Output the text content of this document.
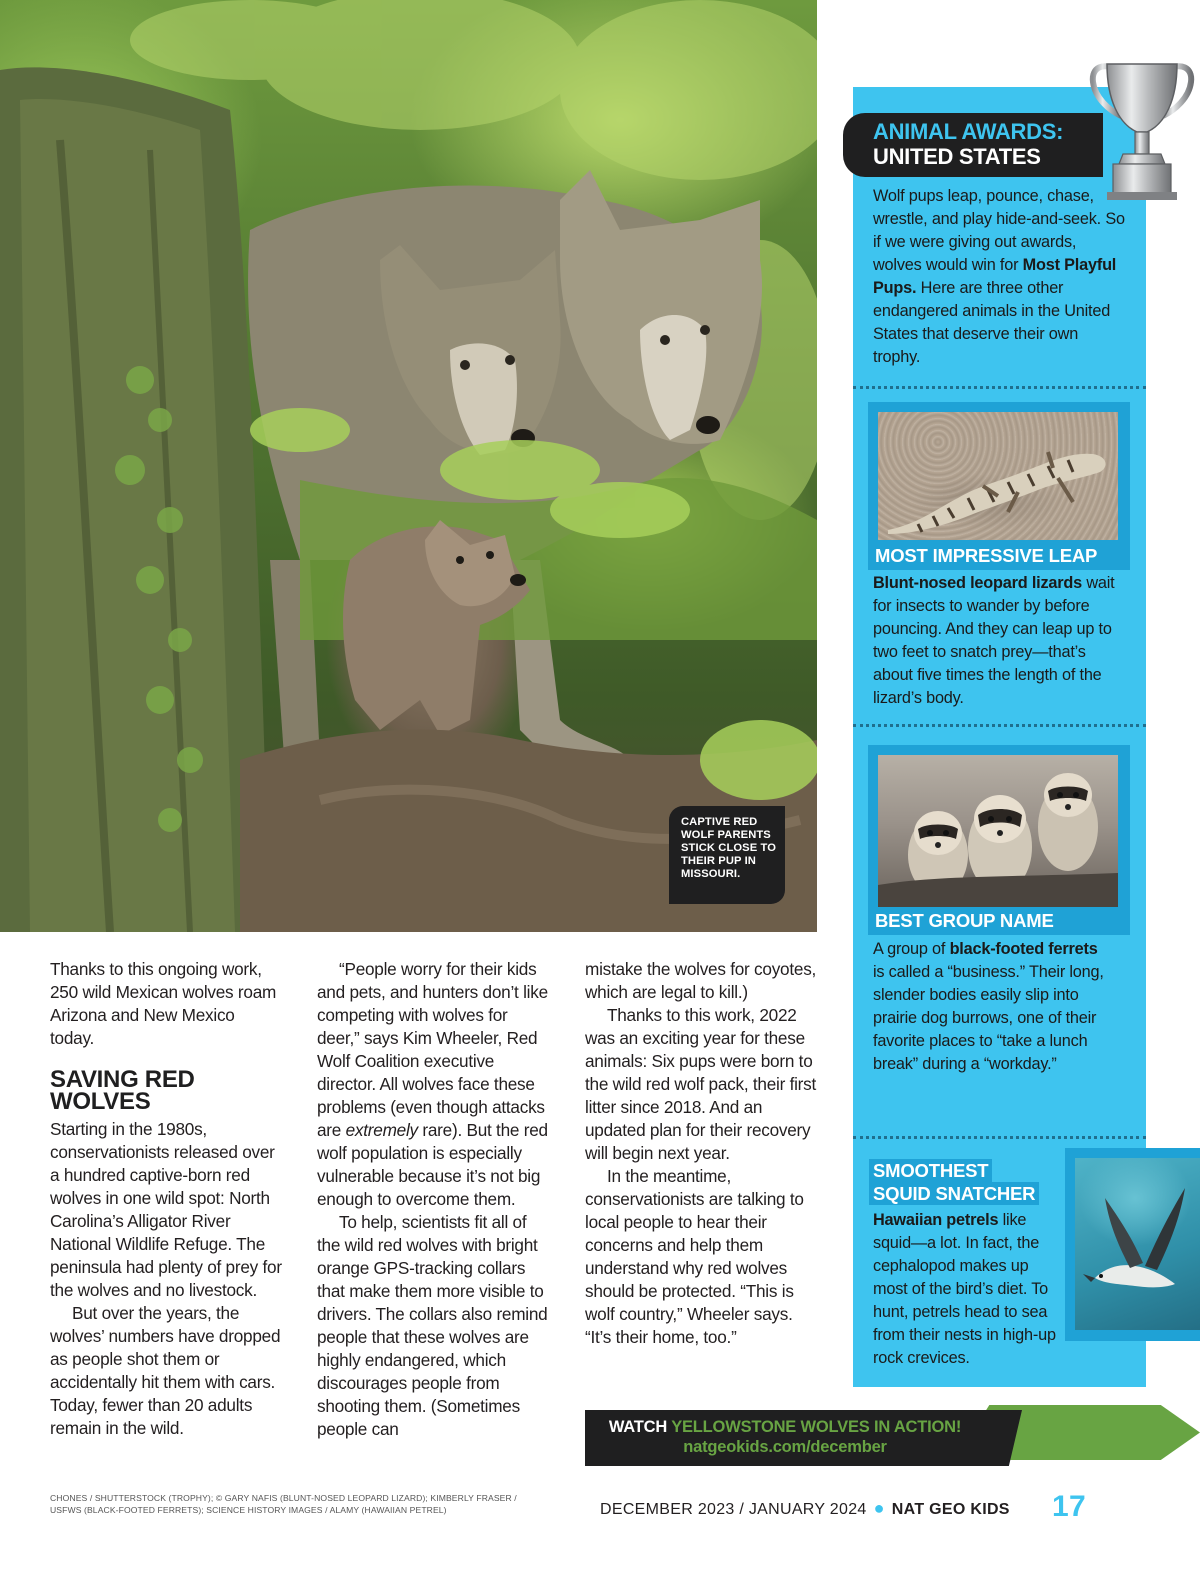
CAPTIVE RED WOLF PARENTS STICK CLOSE TO THEIR PUP IN MISSOURI.
ANIMAL AWARDS:
UNITED STATES
Wolf pups leap, pounce, chase, wrestle, and play hide-and-seek. So if we were giving out awards, wolves would win for Most Playful Pups. Here are three other endangered animals in the United States that deserve their own trophy.
MOST IMPRESSIVE LEAP
Blunt-nosed leopard lizards wait for insects to wander by before pouncing. And they can leap up to two feet to snatch prey—that’s about five times the length of the lizard’s body.
BEST GROUP NAME
A group of black-footed ferrets is called a “business.” Their long, slender bodies easily slip into prairie dog burrows, one of their favorite places to “take a lunch break” during a “workday.”
SMOOTHEST
SQUID SNATCHER
Hawaiian petrels like squid—a lot. In fact, the cephalopod makes up most of the bird’s diet. To hunt, petrels head to sea from their nests in high-up rock crevices.

Thanks to this ongoing work, 250 wild Mexican wolves roam Arizona and New Mexico today.

SAVING RED WOLVES

Starting in the 1980s, conservationists released over a hundred captive-born red wolves in one wild spot: North Carolina’s Alligator River National Wildlife Refuge. The peninsula had plenty of prey for the wolves and no livestock.

But over the years, the wolves’ numbers have dropped as people shot them or accidentally hit them with cars. Today, fewer than 20 adults remain in the wild.

“People worry for their kids and pets, and hunters don’t like competing with wolves for deer,” says Kim Wheeler, Red Wolf Coalition executive director. All wolves face these problems (even though attacks are extremely rare). But the red wolf population is especially vulnerable because it’s not big enough to overcome them.

To help, scientists fit all of the wild red wolves with bright orange GPS-tracking collars that make them more visible to drivers. The collars also remind people that these wolves are highly endangered, which discourages people from shooting them. (Sometimes people can

mistake the wolves for coyotes, which are legal to kill.)

Thanks to this work, 2022 was an exciting year for these animals: Six pups were born to the wild red wolf pack, their first litter since 2018. And an updated plan for their recovery will begin next year.

In the meantime, conservationists are talking to local people to hear their concerns and help them understand why red wolves should be protected. “This is wolf country,” Wheeler says. “It’s their home, too.”

WATCH YELLOWSTONE WOLVES IN ACTION!
natgeokids.com/december
CHONES / SHUTTERSTOCK (TROPHY); © GARY NAFIS (BLUNT-NOSED LEOPARD LIZARD); KIMBERLY FRASER / USFWS (BLACK-FOOTED FERRETS); SCIENCE HISTORY IMAGES / ALAMY (HAWAIIAN PETREL)	DECEMBER 2023 / JANUARY 2024 ● NAT GEO KIDS 17
